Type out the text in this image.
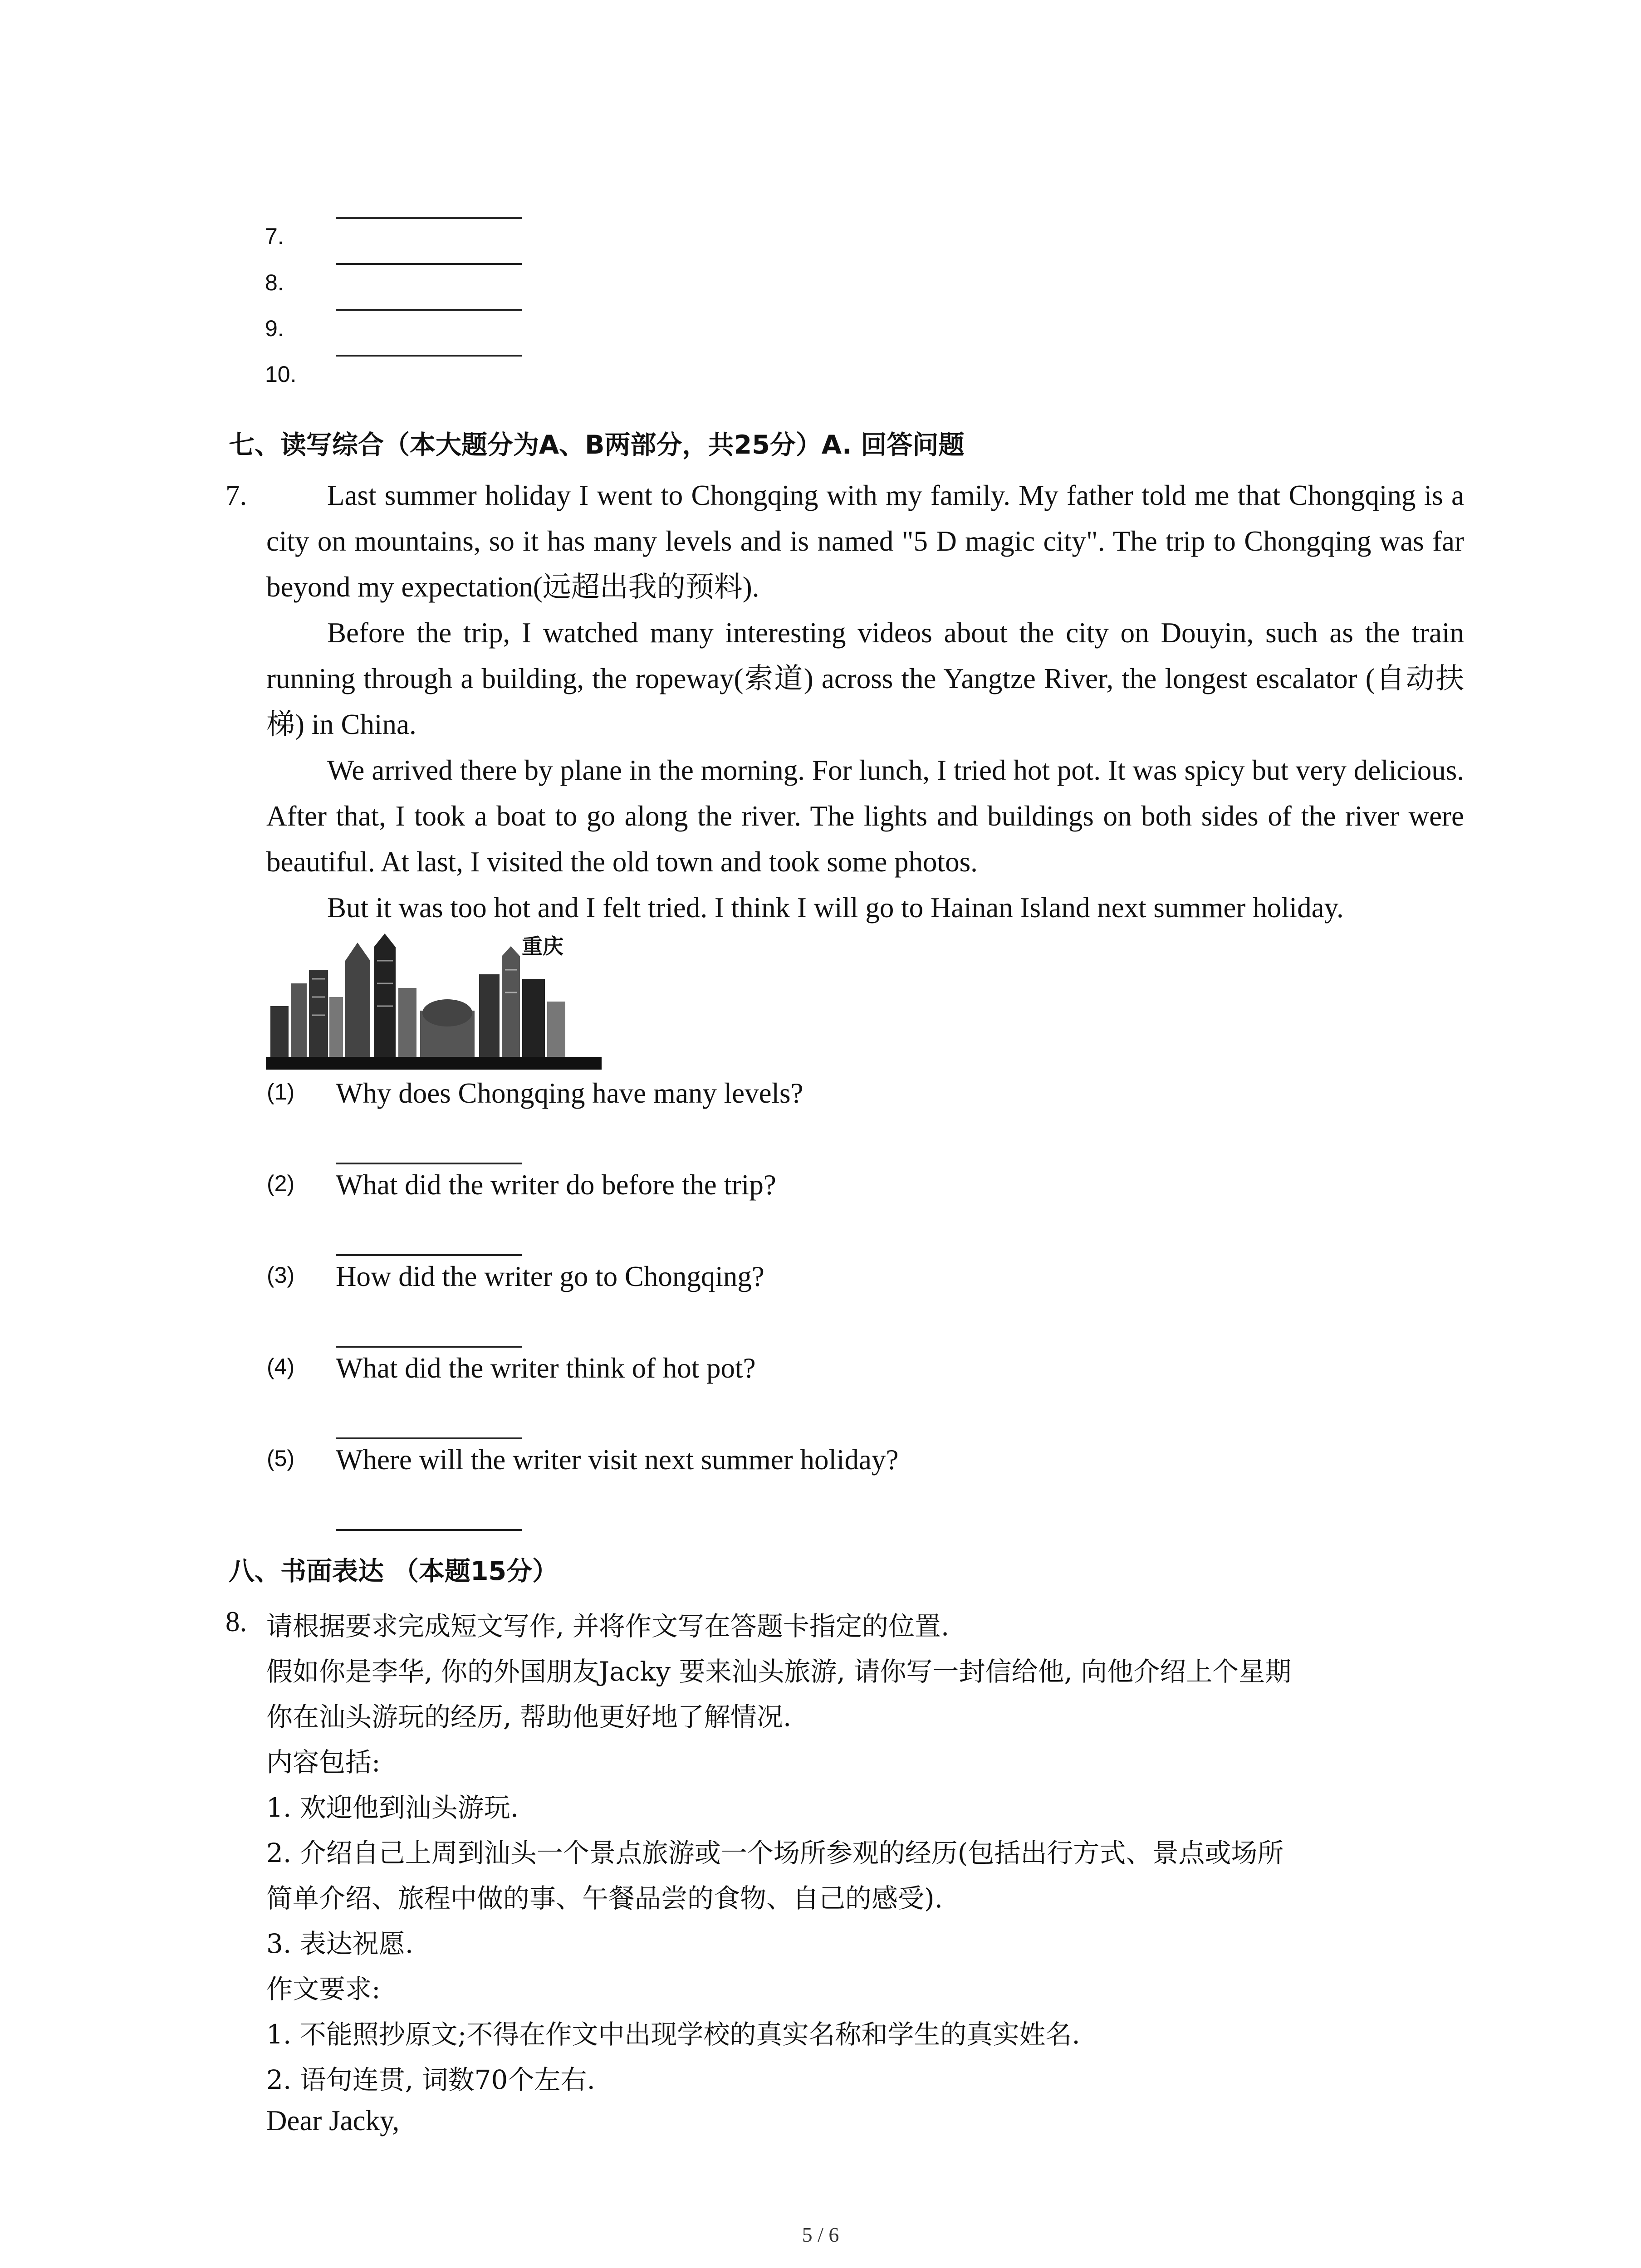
7.
8.
9.
10.
七、读写综合（本大题分为A、B两部分，共25分）A. 回答问题
7.	Last summer holiday I went to Chongqing with my family. My father told me that Chongqing is a city on mountains, so it has many levels and is named "5 D magic city". The trip to Chongqing was far beyond my expectation(远超出我的预料).
Before the trip, I watched many interesting videos about the city on Douyin, such as the train running through a building, the ropeway(索道) across the Yangtze River, the longest escalator (自动扶梯) in China.
We arrived there by plane in the morning. For lunch, I tried hot pot. It was spicy but very delicious. After that, I took a boat to go along the river. The lights and buildings on both sides of the river were beautiful. At last, I visited the old town and took some photos.
But it was too hot and I felt tried. I think I will go to Hainan Island next summer holiday.
重庆
(1) Why does Chongqing have many levels?
(2) What did the writer do before the trip?
(3) How did the writer go to Chongqing?
(4) What did the writer think of hot pot?
(5) Where will the writer visit next summer holiday?
八、书面表达 （本题15分）
8. 请根据要求完成短文写作, 并将作文写在答题卡指定的位置.
假如你是李华, 你的外国朋友Jacky 要来汕头旅游, 请你写一封信给他, 向他介绍上个星期
你在汕头游玩的经历, 帮助他更好地了解情况.
内容包括:
1. 欢迎他到汕头游玩.
2. 介绍自己上周到汕头一个景点旅游或一个场所参观的经历(包括出行方式、景点或场所
简单介绍、旅程中做的事、午餐品尝的食物、自己的感受).
3. 表达祝愿.
作文要求:
1. 不能照抄原文;不得在作文中出现学校的真实名称和学生的真实姓名.
2. 语句连贯, 词数70个左右.
Dear Jacky,
5 / 6
